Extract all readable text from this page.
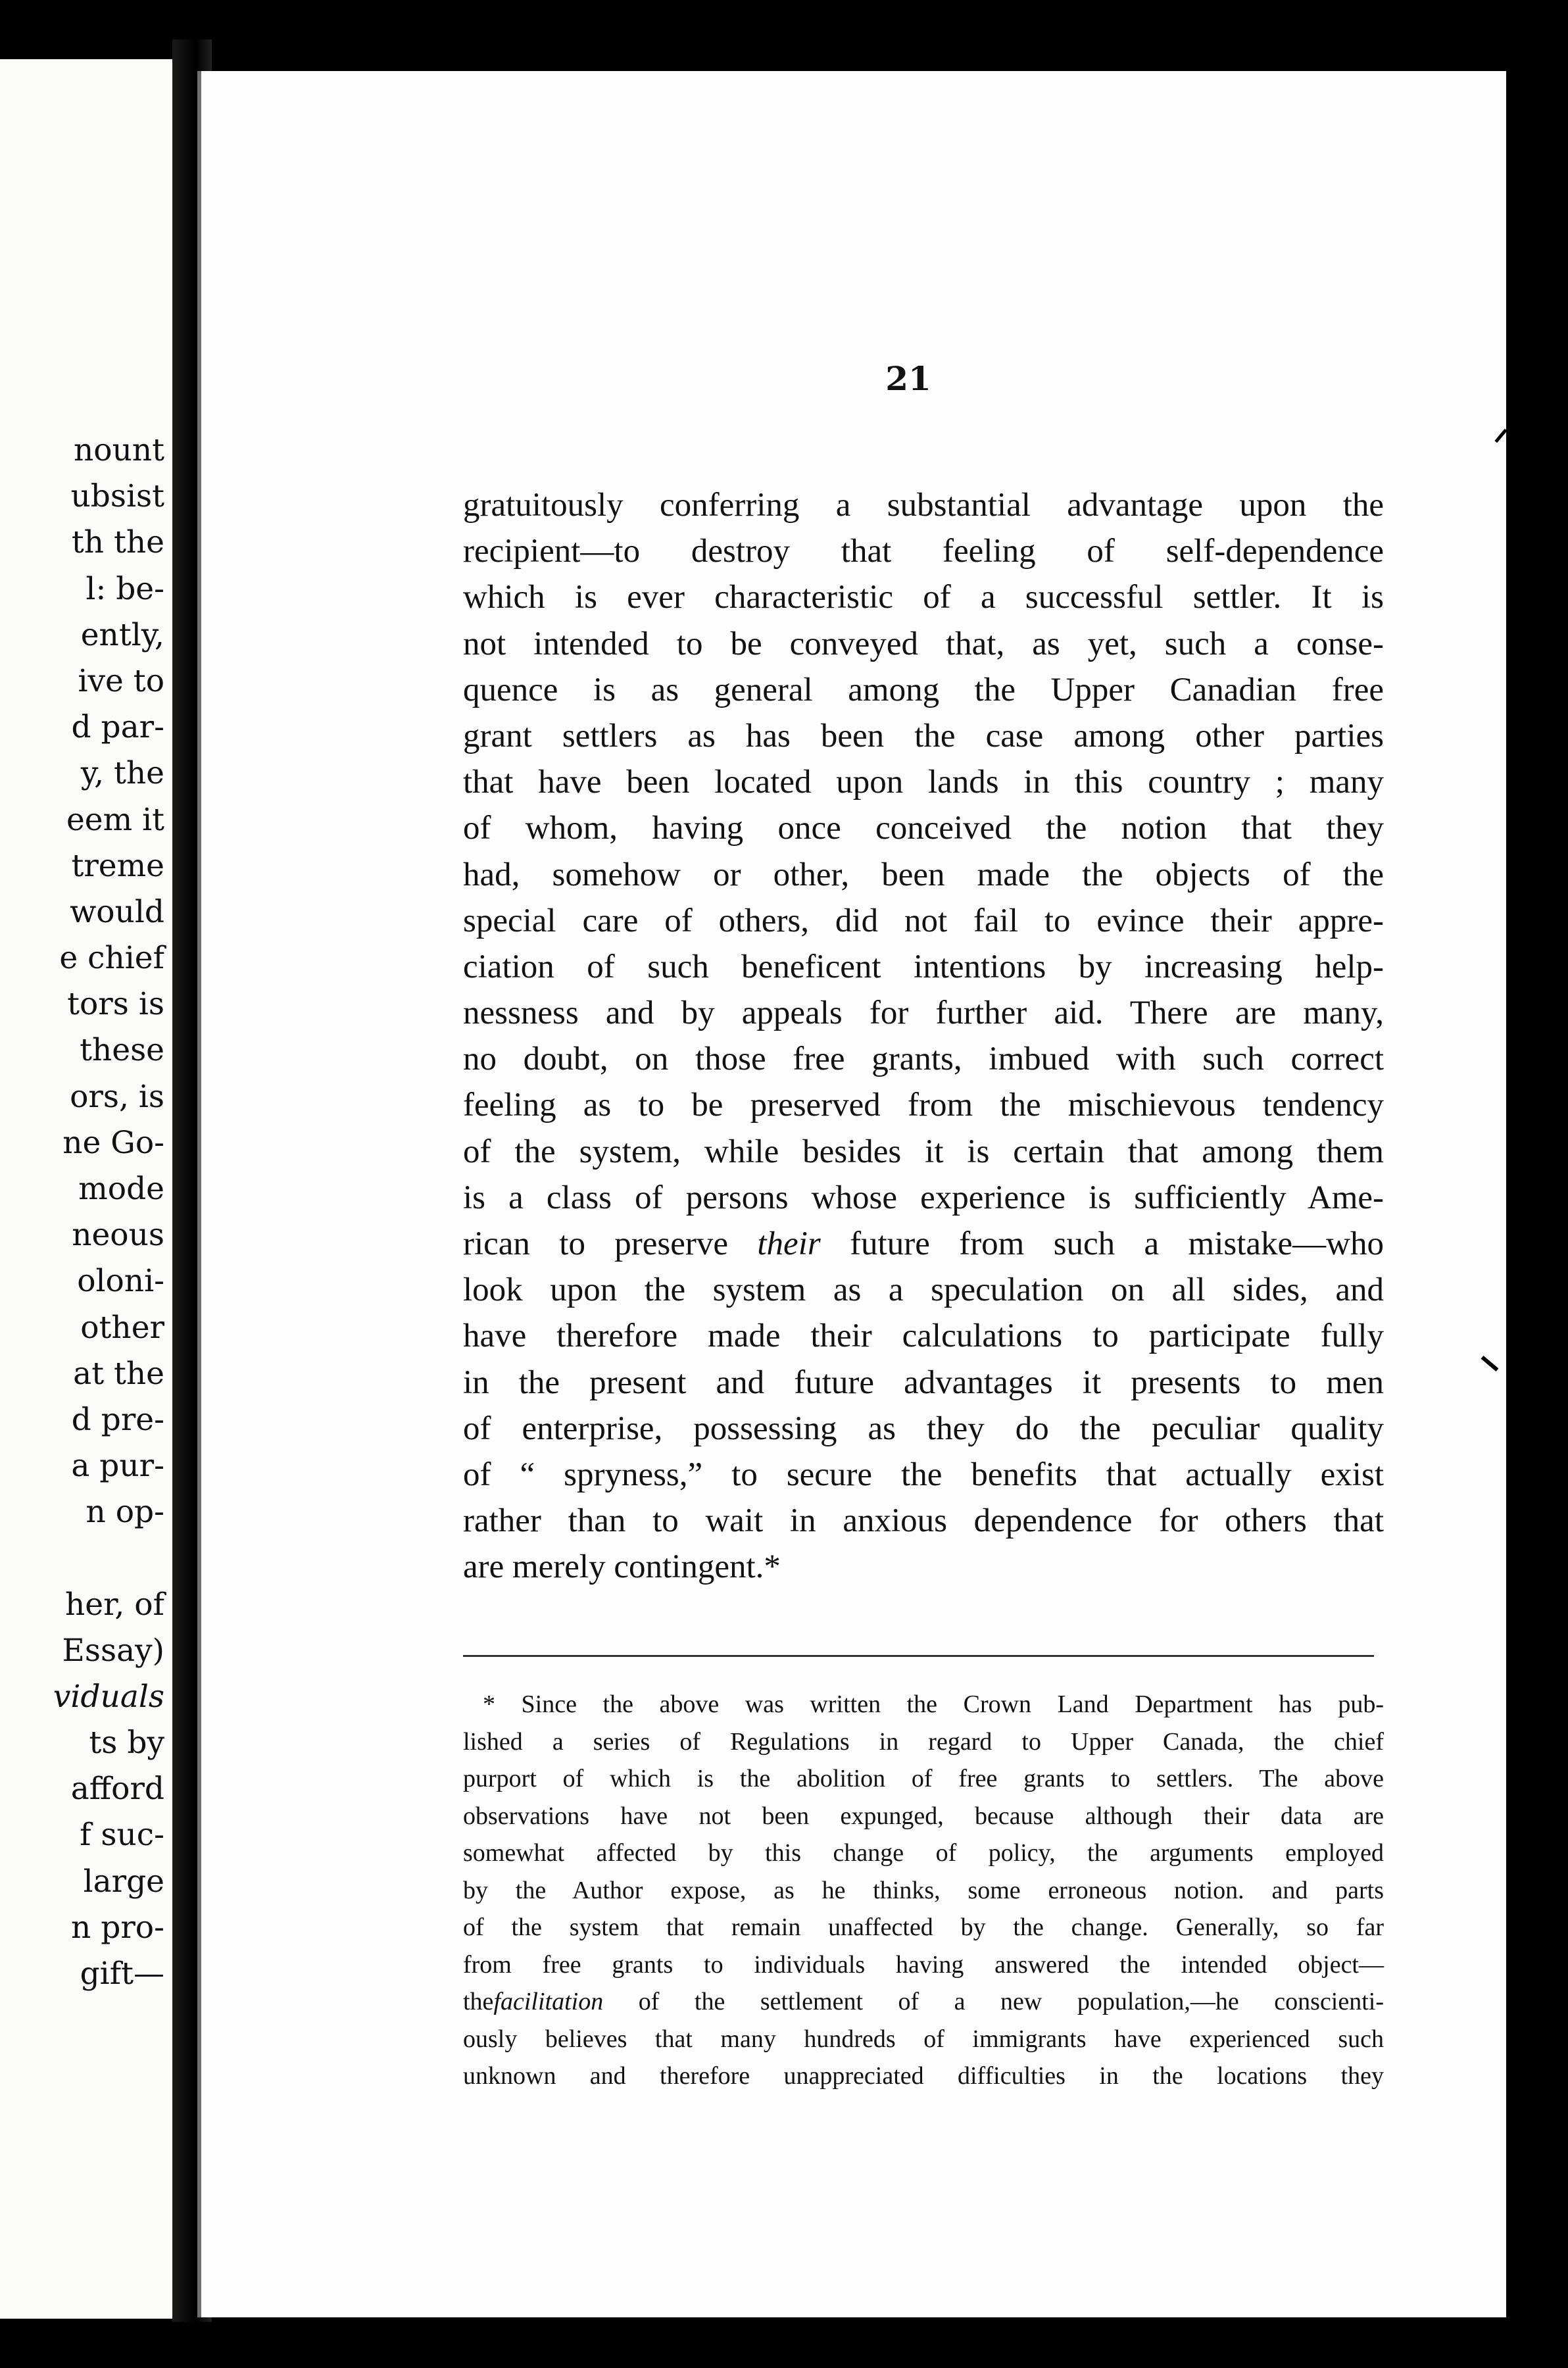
nount
ubsist
th the
l: be-
ently,
ive to
d par-
y, the
eem it
treme
would
e chief
tors is
these
ors, is
ne Go-
mode
neous
oloni-
other
at the
d pre-
a pur-
n op-
her, of
Essay)
viduals
ts by
afford
f suc-
large
n pro-
gift—
21
gratuitously conferring a substantial advantage upon the
recipient—to destroy that feeling of self-dependence
which is ever characteristic of a successful settler. It is
not intended to be conveyed that, as yet, such a conse-
quence is as general among the Upper Canadian free
grant settlers as has been the case among other parties
that have been located upon lands in this country ; many
of whom, having once conceived the notion that they
had, somehow or other, been made the objects of the
special care of others, did not fail to evince their appre-
ciation of such beneficent intentions by increasing help-
nessness and by appeals for further aid. There are many,
no doubt, on those free grants, imbued with such correct
feeling as to be preserved from the mischievous tendency
of the system, while besides it is certain that among them
is a class of persons whose experience is sufficiently Ame-
rican to preserve their future from such a mistake—who
look upon the system as a speculation on all sides, and
have therefore made their calculations to participate fully
in the present and future advantages it presents to men
of enterprise, possessing as they do the peculiar quality
of “ spryness,” to secure the benefits that actually exist
rather than to wait in anxious dependence for others that
are merely contingent.*
* Since the above was written the Crown Land Department has pub-
lished a series of Regulations in regard to Upper Canada, the chief
purport of which is the abolition of free grants to settlers. The above
observations have not been expunged, because although their data are
somewhat affected by this change of policy, the arguments employed
by the Author expose, as he thinks, some erroneous notion. and parts
of the system that remain unaffected by the change. Generally, so far
from free grants to individuals having answered the intended object—
thefacilitation of the settlement of a new population,—he conscienti-
ously believes that many hundreds of immigrants have experienced such
unknown and therefore unappreciated difficulties in the locations they
